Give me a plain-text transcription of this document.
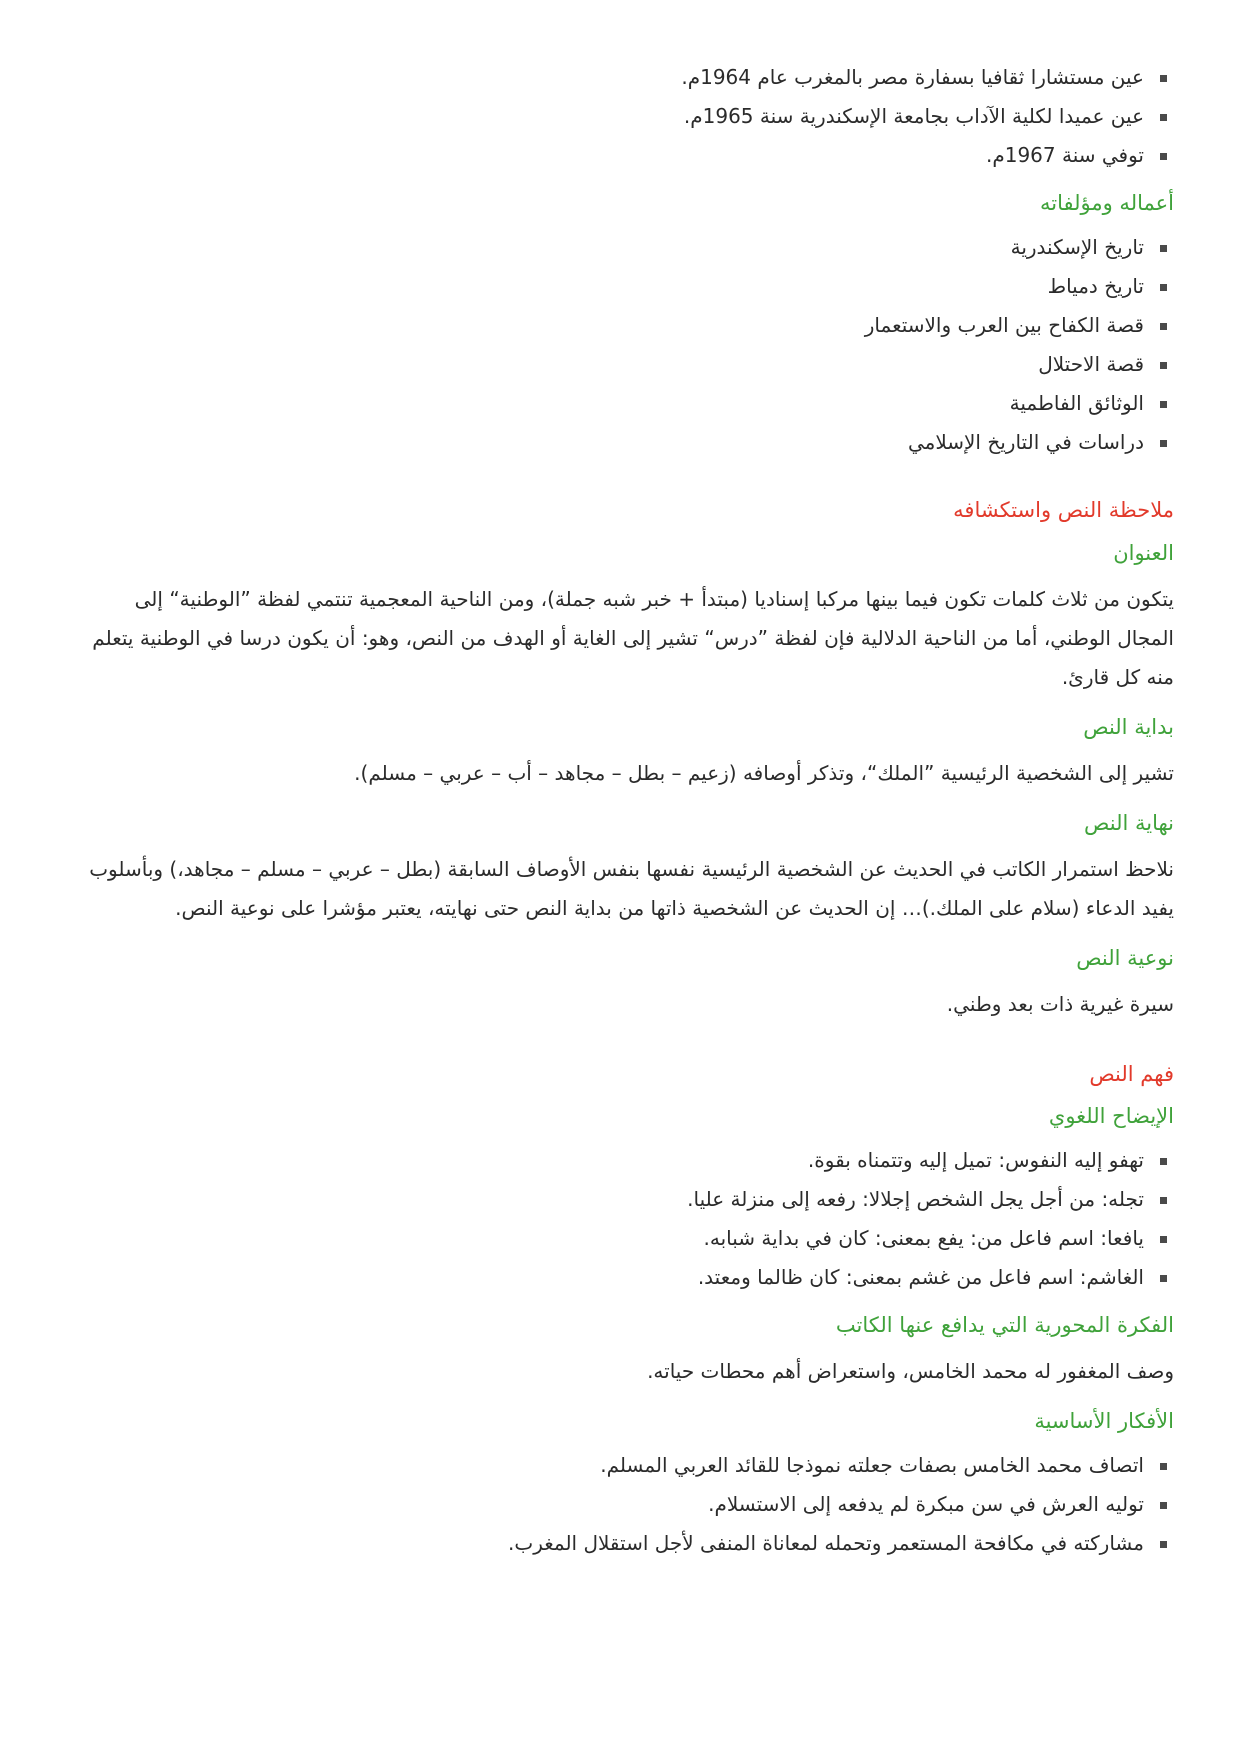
عين مستشارا ثقافيا بسفارة مصر بالمغرب عام 1964م.
عين عميدا لكلية الآداب بجامعة الإسكندرية سنة 1965م.
توفي سنة 1967م.
أعماله ومؤلفاته
تاريخ الإسكندرية
تاريخ دمياط
قصة الكفاح بين العرب والاستعمار
قصة الاحتلال
الوثائق الفاطمية
دراسات في التاريخ الإسلامي
ملاحظة النص واستكشافه
العنوان

يتكون من ثلاث كلمات تكون فيما بينها مركبا إسناديا (مبتدأ + خبر شبه جملة)، ومن الناحية المعجمية تنتمي لفظة ”الوطنية“ إلى المجال الوطني، أما من الناحية الدلالية فإن لفظة ”درس“ تشير إلى الغاية أو الهدف من النص، وهو: أن يكون درسا في الوطنية يتعلم منه كل قارئ.

بداية النص

تشير إلى الشخصية الرئيسية ”الملك“، وتذكر أوصافه (زعيم – بطل – مجاهد – أب – عربي – مسلم).

نهاية النص

نلاحظ استمرار الكاتب في الحديث عن الشخصية الرئيسية نفسها بنفس الأوصاف السابقة (بطل – عربي – مسلم – مجاهد،) وبأسلوب يفيد الدعاء (سلام على الملك.)… إن الحديث عن الشخصية ذاتها من بداية النص حتى نهايته، يعتبر مؤشرا على نوعية النص.

نوعية النص

سيرة غيرية ذات بعد وطني.

فهم النص
الإيضاح اللغوي
تهفو إليه النفوس: تميل إليه وتتمناه بقوة.
تجله: من أجل يجل الشخص إجلالا: رفعه إلى منزلة عليا.
يافعا: اسم فاعل من: يفع بمعنى: كان في بداية شبابه.
الغاشم: اسم فاعل من غشم بمعنى: كان ظالما ومعتد.
الفكرة المحورية التي يدافع عنها الكاتب

وصف المغفور له محمد الخامس، واستعراض أهم محطات حياته.

الأفكار الأساسية
اتصاف محمد الخامس بصفات جعلته نموذجا للقائد العربي المسلم.
توليه العرش في سن مبكرة لم يدفعه إلى الاستسلام.
مشاركته في مكافحة المستعمر وتحمله لمعاناة المنفى لأجل استقلال المغرب.
